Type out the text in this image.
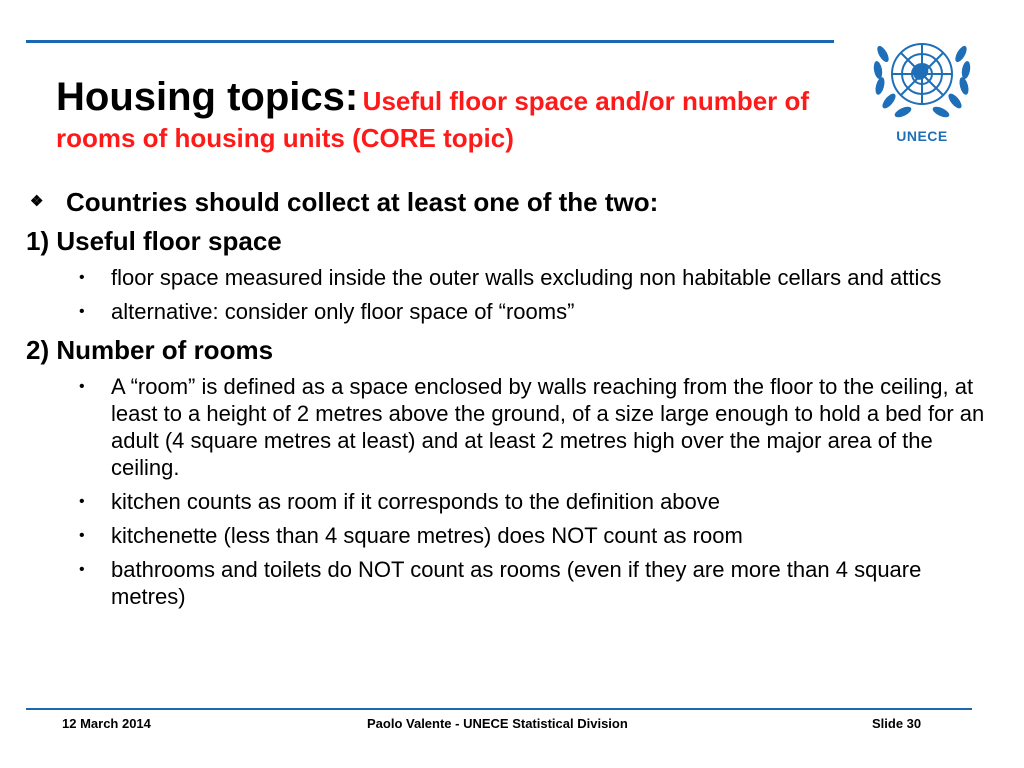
Housing topics: Useful floor space and/or number of rooms of housing units (CORE topic)	UNECE
❖ Countries should collect at least one of the two:
1) Useful floor space
• floor space measured inside the outer walls excluding non habitable cellars and attics
• alternative: consider only floor space of “rooms”
2) Number of rooms
• A “room” is defined as a space enclosed by walls reaching from the floor to the ceiling, at least to a height of 2 metres above the ground, of a size large enough to hold a bed for an adult (4 square metres at least) and at least 2 metres high over the major area of the ceiling.
• kitchen counts as room if it corresponds to the definition above
• kitchenette (less than 4 square metres) does NOT count as room
• bathrooms and toilets do NOT count as rooms (even if they are more than 4 square metres)
12 March 2014	Paolo Valente - UNECE Statistical Division	Slide 30
